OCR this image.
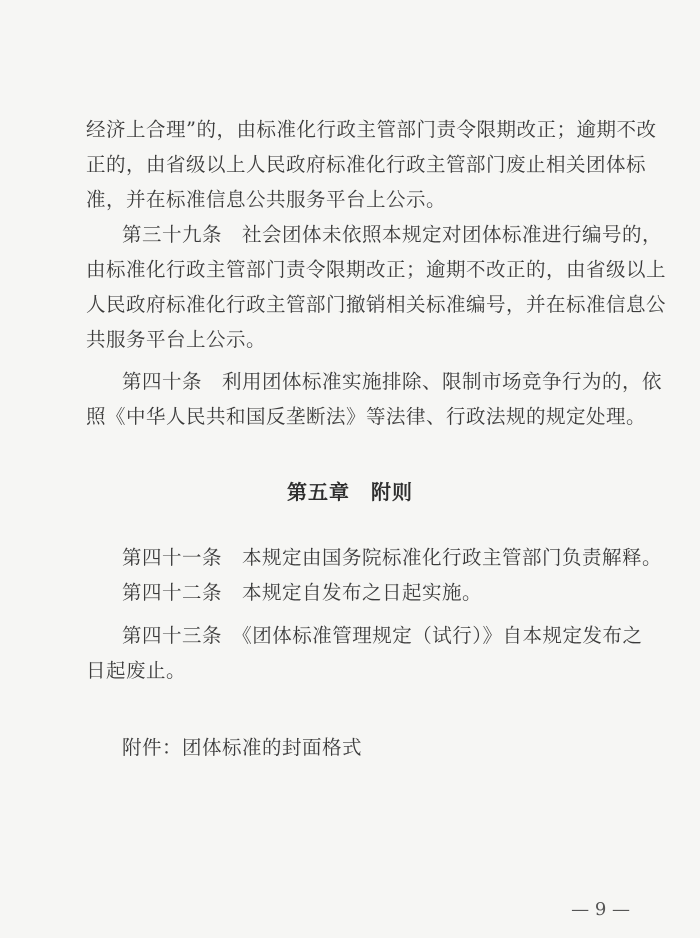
经济上合理”的，由标准化行政主管部门责令限期改正；逾期不改
正的，由省级以上人民政府标准化行政主管部门废止相关团体标
准，并在标准信息公共服务平台上公示。
第三十九条　社会团体未依照本规定对团体标准进行编号的，
由标准化行政主管部门责令限期改正；逾期不改正的，由省级以上
人民政府标准化行政主管部门撤销相关标准编号，并在标准信息公
共服务平台上公示。
第四十条　利用团体标准实施排除、限制市场竞争行为的，依
照《中华人民共和国反垄断法》等法律、行政法规的规定处理。
第五章　附则
第四十一条　本规定由国务院标准化行政主管部门负责解释。
第四十二条　本规定自发布之日起实施。
第四十三条　《团体标准管理规定（试行）》自本规定发布之
日起废止。
附件：团体标准的封面格式
— 9 —
